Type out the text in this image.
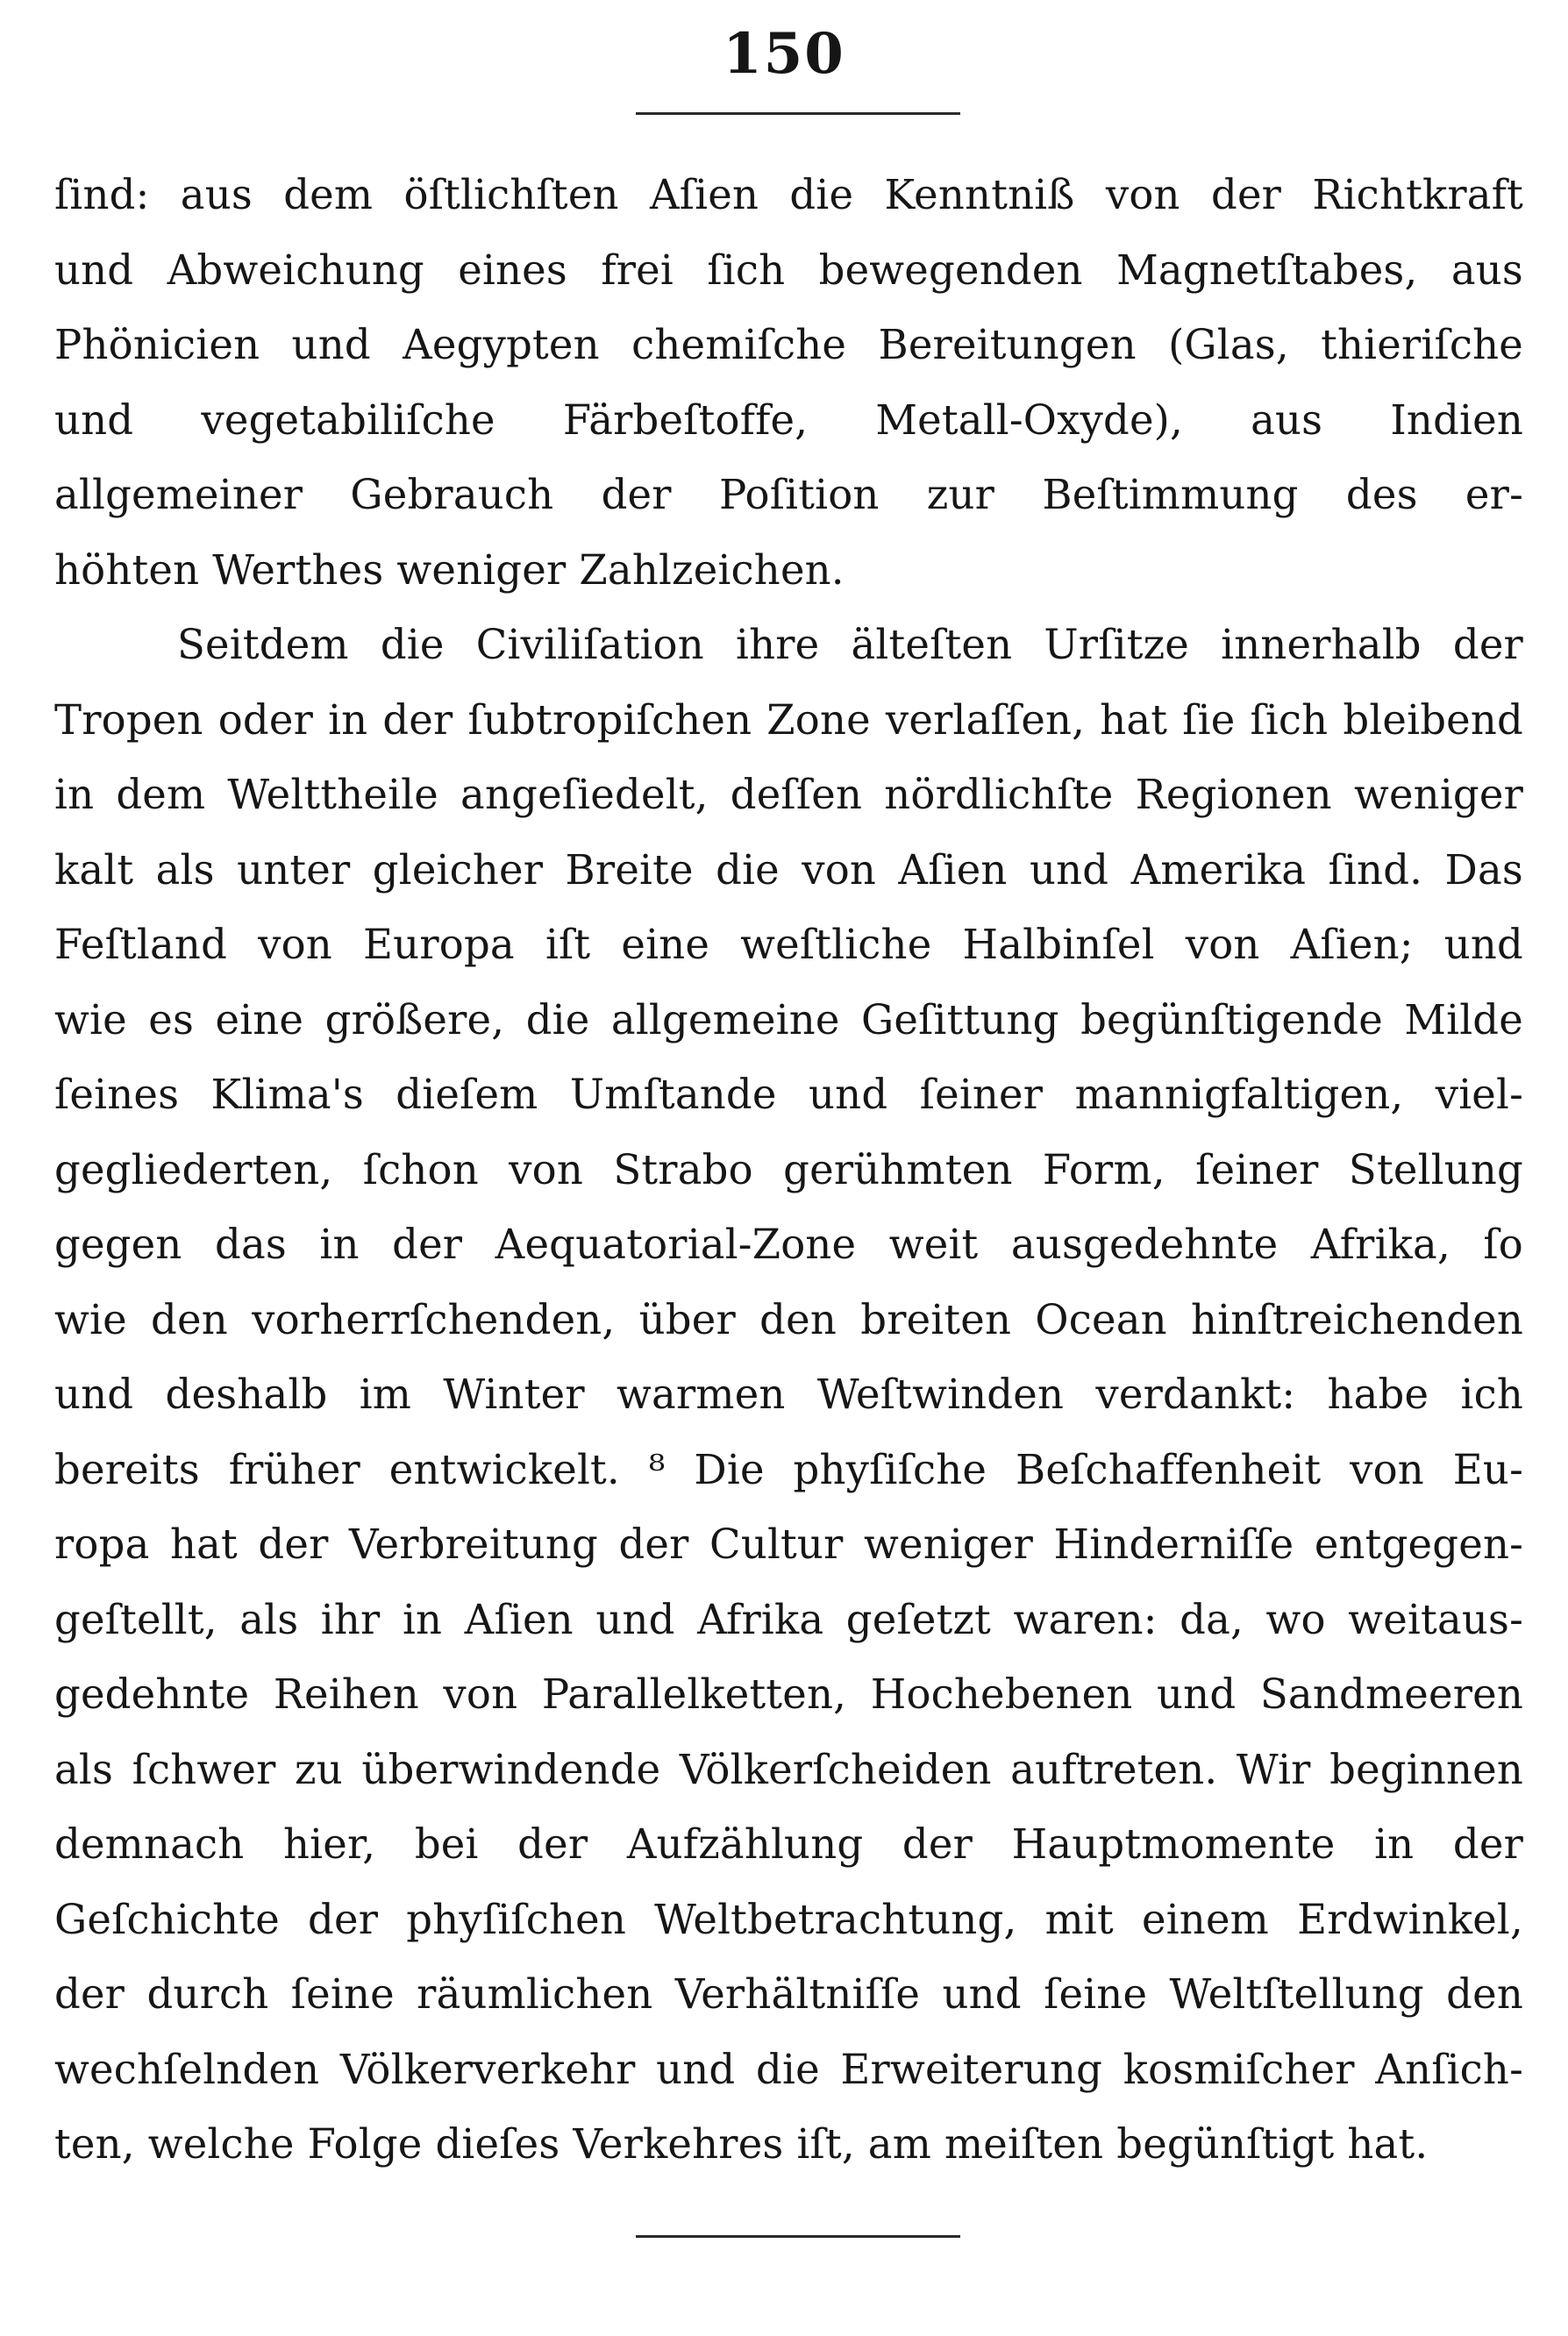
150
ſind: aus dem öſtlichſten Aſien die Kenntniß von der Richtkraft
und Abweichung eines frei ſich bewegenden Magnetſtabes, aus
Phönicien und Aegypten chemiſche Bereitungen (Glas, thieriſche
und vegetabiliſche Färbeſtoffe, Metall-Oxyde), aus Indien
allgemeiner Gebrauch der Poſition zur Beſtimmung des er-
höhten Werthes weniger Zahlzeichen.
Seitdem die Civiliſation ihre älteſten Urſitze innerhalb der
Tropen oder in der ſubtropiſchen Zone verlaſſen, hat ſie ſich bleibend
in dem Welttheile angeſiedelt, deſſen nördlichſte Regionen weniger
kalt als unter gleicher Breite die von Aſien und Amerika ſind. Das
Feſtland von Europa iſt eine weſtliche Halbinſel von Aſien; und
wie es eine größere, die allgemeine Geſittung begünſtigende Milde
ſeines Klima's dieſem Umſtande und ſeiner mannigfaltigen, viel-
gegliederten, ſchon von Strabo gerühmten Form, ſeiner Stellung
gegen das in der Aequatorial-Zone weit ausgedehnte Afrika, ſo
wie den vorherrſchenden, über den breiten Ocean hinſtreichenden
und deshalb im Winter warmen Weſtwinden verdankt: habe ich
bereits früher entwickelt. ⁸ Die phyſiſche Beſchaffenheit von Eu-
ropa hat der Verbreitung der Cultur weniger Hinderniſſe entgegen-
geſtellt, als ihr in Aſien und Afrika geſetzt waren: da, wo weitaus-
gedehnte Reihen von Parallelketten, Hochebenen und Sandmeeren
als ſchwer zu überwindende Völkerſcheiden auftreten. Wir beginnen
demnach hier, bei der Aufzählung der Hauptmomente in der
Geſchichte der phyſiſchen Weltbetrachtung, mit einem Erdwinkel,
der durch ſeine räumlichen Verhältniſſe und ſeine Weltſtellung den
wechſelnden Völkerverkehr und die Erweiterung kosmiſcher Anſich-
ten, welche Folge dieſes Verkehres iſt, am meiſten begünſtigt hat.
